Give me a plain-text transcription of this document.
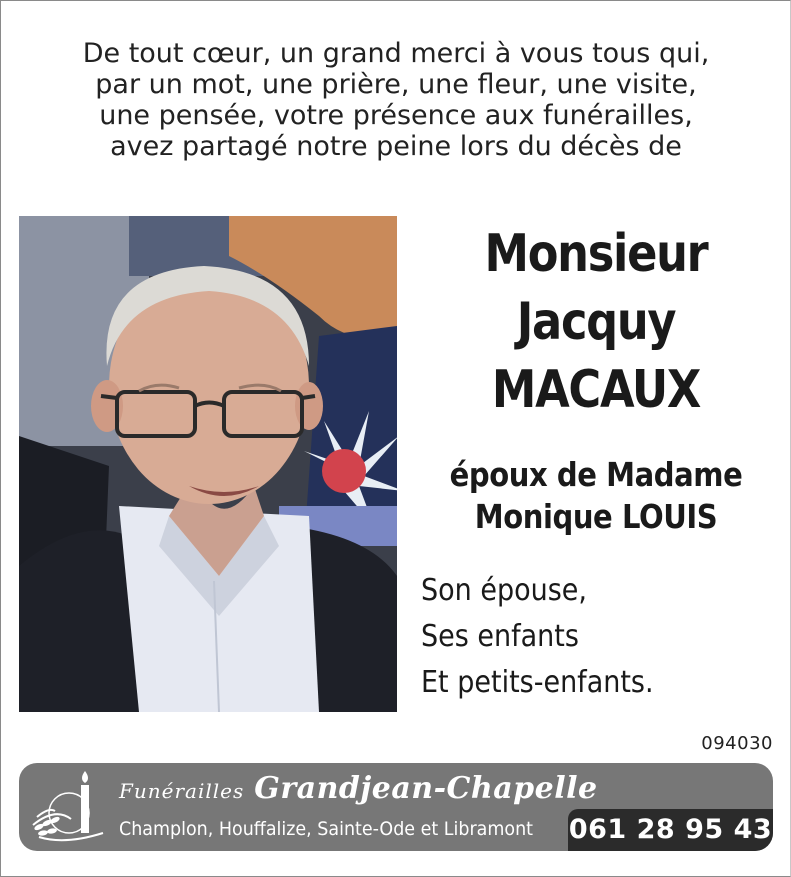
De tout cœur, un grand merci à vous tous qui,
par un mot, une prière, une fleur, une visite,
une pensée, votre présence aux funérailles,
avez partagé notre peine lors du décès de
Monsieur
Jacquy
MACAUX
époux de Madame
Monique LOUIS
Son épouse,
Ses enfants
Et petits-enfants.
094030
Funérailles Grandjean-Chapelle
Champlon, Houffalize, Sainte-Ode et Libramont 061 28 95 43
